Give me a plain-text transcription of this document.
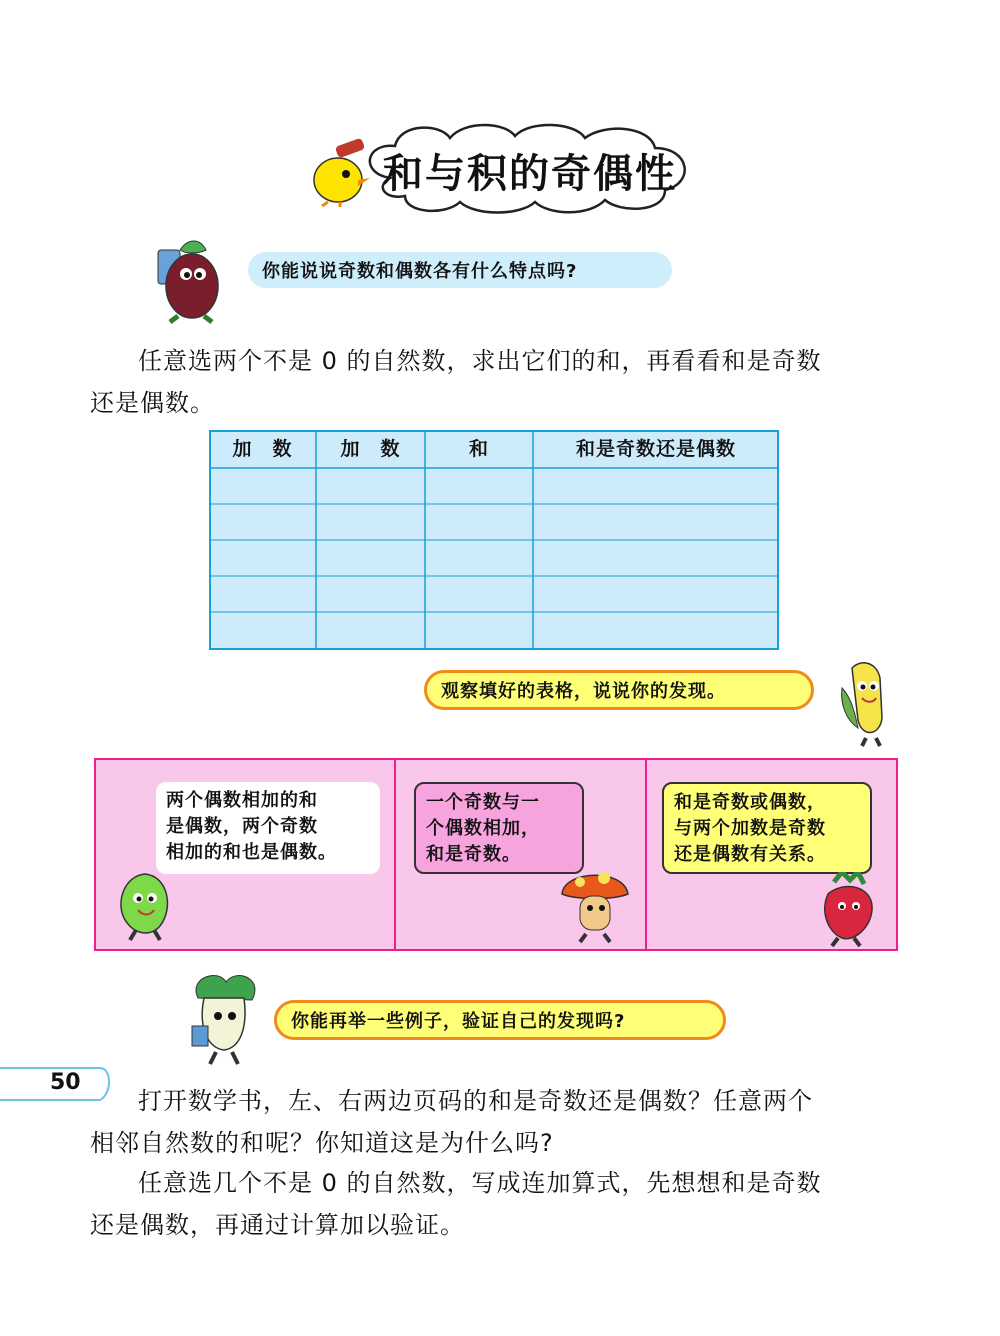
和与积的奇偶性
你能说说奇数和偶数各有什么特点吗?
任意选两个不是 0 的自然数，求出它们的和，再看看和是奇数
还是偶数。
加　数	加　数	和	和是奇数还是偶数
观察填好的表格，说说你的发现。
两个偶数相加的和
是偶数，两个奇数
相加的和也是偶数。
一个奇数与一
个偶数相加，
和是奇数。
和是奇数或偶数，
与两个加数是奇数
还是偶数有关系。
你能再举一些例子，验证自己的发现吗?
打开数学书，左、右两边页码的和是奇数还是偶数？任意两个
相邻自然数的和呢？你知道这是为什么吗?
任意选几个不是 0 的自然数，写成连加算式，先想想和是奇数
还是偶数，再通过计算加以验证。
50
